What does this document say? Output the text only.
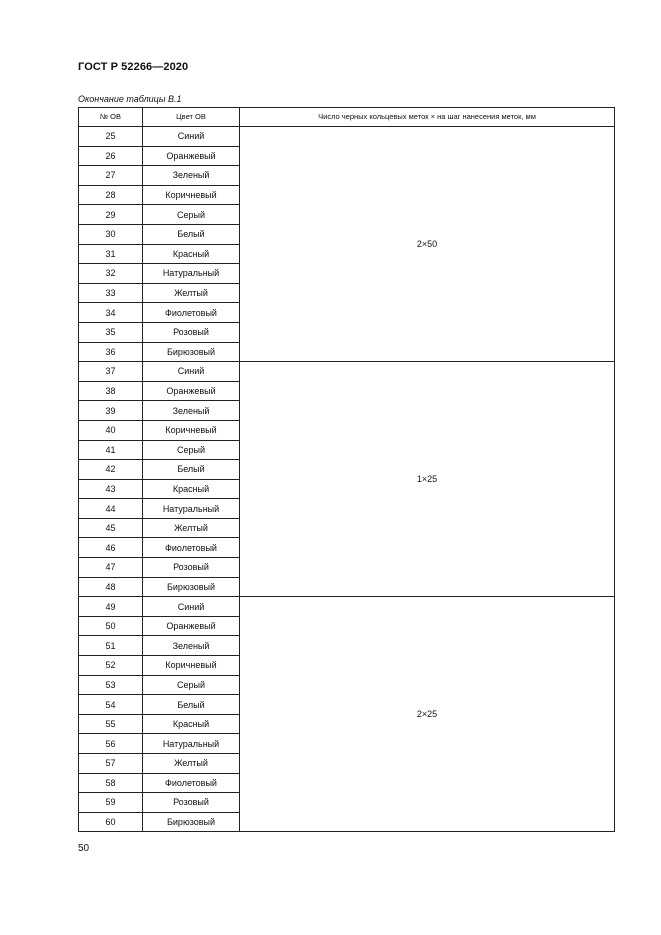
ГОСТ Р 52266—2020
Окончание таблицы В.1
№ ОВ	Цвет ОВ	Число черных кольцевых меток × на шаг нанесения меток, мм
25	Синий	2×50
26	Оранжевый	
27	Зеленый	
28	Коричневый	
29	Серый	
30	Белый	
31	Красный	
32	Натуральный	
33	Желтый	
34	Фиолетовый	
35	Розовый	
36	Бирюзовый	
37	Синий	1×25
38	Оранжевый	
39	Зеленый	
40	Коричневый	
41	Серый	
42	Белый	
43	Красный	
44	Натуральный	
45	Желтый	
46	Фиолетовый	
47	Розовый	
48	Бирюзовый	
49	Синий	2×25
50	Оранжевый	
51	Зеленый	
52	Коричневый	
53	Серый	
54	Белый	
55	Красный	
56	Натуральный	
57	Желтый	
58	Фиолетовый	
59	Розовый	
60	Бирюзовый	
50
